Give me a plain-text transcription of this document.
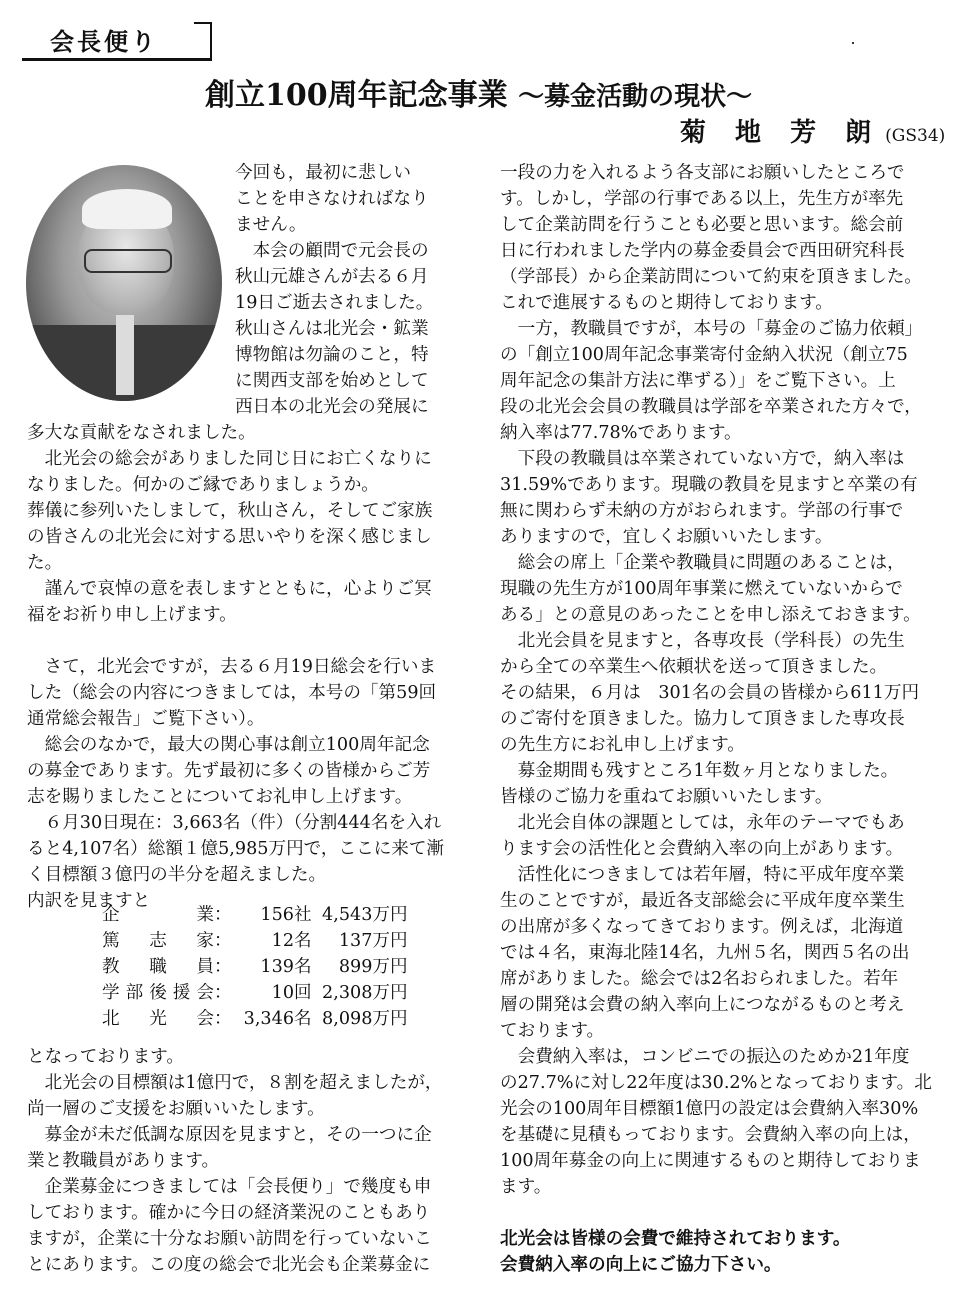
会長便り
創立100周年記念事業 ～募金活動の現状～
菊 地 芳 朗 (GS34)
今回も，最初に悲しい
ことを申さなければなり
ません。
　本会の顧問で元会長の
秋山元雄さんが去る６月
19日ご逝去されました。
秋山さんは北光会・鉱業
博物館は勿論のこと，特
に関西支部を始めとして
西日本の北光会の発展に
多大な貢献をなされました。
　北光会の総会がありました同じ日にお亡くなりに
なりました。何かのご縁でありましょうか。
葬儀に参列いたしまして，秋山さん，そしてご家族
の皆さんの北光会に対する思いやりを深く感じまし
た。
　謹んで哀悼の意を表しますとともに，心よりご冥
福をお祈り申し上げます。
　さて，北光会ですが，去る６月19日総会を行いま
した（総会の内容につきましては，本号の「第59回
通常総会報告」ご覧下さい）。
　総会のなかで，最大の関心事は創立100周年記念
の募金であります。先ず最初に多くの皆様からご芳
志を賜りましたことについてお礼申し上げます。
　６月30日現在：3,663名（件）（分割444名を入れ
ると4,107名）総額１億5,985万円で，ここに来て漸
く目標額３億円の半分を超えました。
内訳を見ますと
となっております。
　北光会の目標額は1億円で，８割を超えましたが，
尚一層のご支援をお願いいたします。
　募金が未だ低調な原因を見ますと，その一つに企
業と教職員があります。
　企業募金につきましては「会長便り」で幾度も申
しております。確かに今日の経済業況のこともあり
ますが，企業に十分なお願い訪問を行っていないこ
とにあります。この度の総会で北光会も企業募金に
企業 ：	156社 4,543万円
篤志家 ：	12名	137万円
教職員 ：	139名	899万円
学部後援会 ：	10回 2,308万円
北光会 ： 3,346名 8,098万円
一段の力を入れるよう各支部にお願いしたところで
す。しかし，学部の行事である以上，先生方が率先
して企業訪問を行うことも必要と思います。総会前
日に行われました学内の募金委員会で西田研究科長
（学部長）から企業訪問について約束を頂きました。
これで進展するものと期待しております。
　一方，教職員ですが，本号の「募金のご協力依頼」
の「創立100周年記念事業寄付金納入状況（創立75
周年記念の集計方法に準ずる）」をご覧下さい。上
段の北光会会員の教職員は学部を卒業された方々で，
納入率は77.78%であります。
　下段の教職員は卒業されていない方で，納入率は
31.59%であります。現職の教員を見ますと卒業の有
無に関わらず未納の方がおられます。学部の行事で
ありますので，宜しくお願いいたします。
　総会の席上「企業や教職員に問題のあることは，
現職の先生方が100周年事業に燃えていないからで
ある」との意見のあったことを申し添えておきます。
　北光会員を見ますと，各専攻長（学科長）の先生
から全ての卒業生へ依頼状を送って頂きました。
その結果，６月は　301名の会員の皆様から611万円
のご寄付を頂きました。協力して頂きました専攻長
の先生方にお礼申し上げます。
　募金期間も残すところ1年数ヶ月となりました。
皆様のご協力を重ねてお願いいたします。
　北光会自体の課題としては，永年のテーマでもあ
ります会の活性化と会費納入率の向上があります。
　活性化につきましては若年層，特に平成年度卒業
生のことですが，最近各支部総会に平成年度卒業生
の出席が多くなってきております。例えば，北海道
では４名，東海北陸14名，九州５名，関西５名の出
席がありました。総会では2名おられました。若年
層の開発は会費の納入率向上につながるものと考え
ております。
　会費納入率は，コンビニでの振込のためか21年度
の27.7%に対し22年度は30.2%となっております。北
光会の100周年目標額1億円の設定は会費納入率30%
を基礎に見積もっております。会費納入率の向上は，
100周年募金の向上に関連するものと期待しておりま
ます。
北光会は皆様の会費で維持されております。
会費納入率の向上にご協力下さい。
